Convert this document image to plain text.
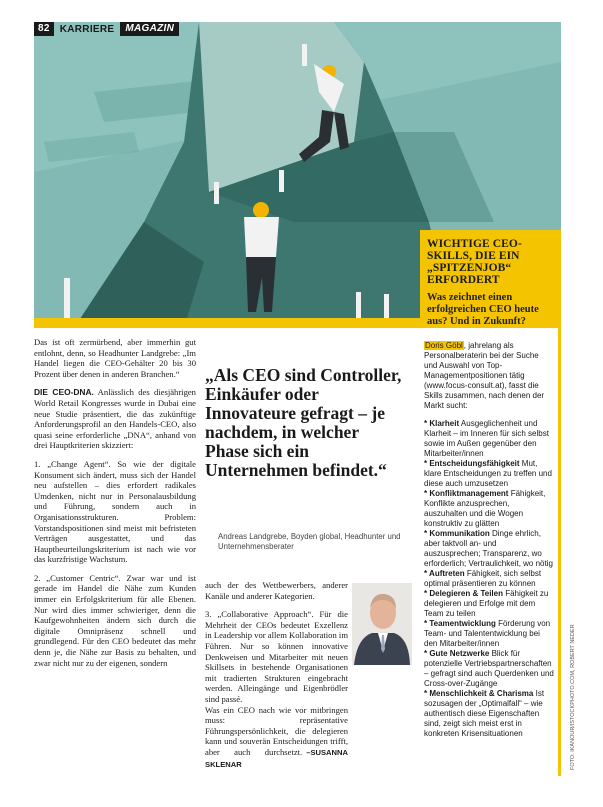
82	KARRIERE	MAGAZIN
WICHTIGE CEO-SKILLS, DIE EIN „SPITZENJOB“ ERFORDERT

Was zeichnet einen erfolgreichen CEO heute aus? Und in Zukunft?

Das ist oft zermürbend, aber immerhin gut entlohnt, denn, so Headhunter Landgrebe: „Im Handel liegen die CEO-Gehälter 20 bis 30 Prozent über denen in anderen Branchen.“

DIE CEO-DNA. Anlässlich des diesjährigen World Retail Kongresses wurde in Dubai eine neue Studie präsentiert, die das zukünftige Anforderungsprofil an den Handels-CEO, also quasi seine erforderliche „DNA“, anhand von drei Hauptkriterien skizziert:

1. „Change Agent“. So wie der digitale Konsument sich ändert, muss sich der Handel neu aufstellen – dies erfordert radikales Umdenken, nicht nur in Personalausbildung und Führung, sondern auch in Organisationsstrukturen. Problem: Vorstandspositionen sind meist mit befristeten Verträgen ausgestattet, und das Hauptbeurteilungskriterium ist nach wie vor das kurzfristige Wachstum.

2. „Customer Centric“. Zwar war und ist gerade im Handel die Nähe zum Kunden immer ein Erfolgskriterium für alle Ebenen. Nur wird dies immer schwieriger, denn die Kaufgewohnheiten ändern sich durch die digitale Omnipräsenz schnell und grundlegend. Für den CEO bedeutet das mehr denn je, die Nähe zur Basis zu behalten, und zwar nicht nur zu der eigenen, sondern

„Als CEO sind Controller, Einkäufer oder Innovateure gefragt – je nachdem, in welcher Phase sich ein Unternehmen befindet.“
Andreas Landgrebe, Boyden global, Headhunter und Unternehmensberater

auch der des Wettbewerbers, anderer Kanäle und anderer Kategorien.

3. „Collaborative Approach“. Für die Mehrheit der CEOs bedeutet Exzellenz in Leadership vor allem Kollaboration im Führen. Nur so können innovative Denkweisen und Mitarbeiter mit neuen Skillsets in bestehende Organisationen mit tradierten Strukturen eingebracht werden. Alleingänge und Eigenbrödler sind passé.

Was ein CEO nach wie vor mitbringen muss: repräsentative Führungspersönlichkeit, die delegieren kann und souverän Entscheidungen trifft, aber auch durchsetzt. –SUSANNA SKLENAR

Doris Göbl, jahrelang als Personalberaterin bei der Suche und Auswahl von Top-Managementpositionen tätig (www.focus-consult.at), fasst die Skills zusammen, nach denen der Markt sucht:

* Klarheit Ausgeglichenheit und Klarheit – im Inneren für sich selbst sowie im Außen gegenüber den Mitarbeiter/innen

* Entscheidungsfähigkeit Mut, klare Entscheidungen zu treffen und diese auch umzusetzen

* Konfliktmanagement Fähigkeit, Konflikte anzusprechen, auszuhalten und die Wogen konstruktiv zu glätten

* Kommunikation Dinge ehrlich, aber taktvoll an- und auszusprechen; Transparenz, wo erforderlich; Vertraulichkeit, wo nötig

* Auftreten Fähigkeit, sich selbst optimal präsentieren zu können

* Delegieren & Teilen Fähigkeit zu delegieren und Erfolge mit dem Team zu teilen

* Teamentwicklung Förderung von Team- und Talententwicklung bei den Mitarbeiter/innen

* Gute Netzwerke Blick für potenzielle Vertriebspartnerschaften – gefragt sind auch Querdenken und Cross-over-Zugänge

* Menschlichkeit & Charisma Ist sozusagen der „Optimalfall“ – wie authentisch diese Eigenschaften sind, zeigt sich meist erst in konkreten Krisensituationen	FOTO: IKANOUR/ISTOCKPHOTO.COM, ROBERT NEDER
